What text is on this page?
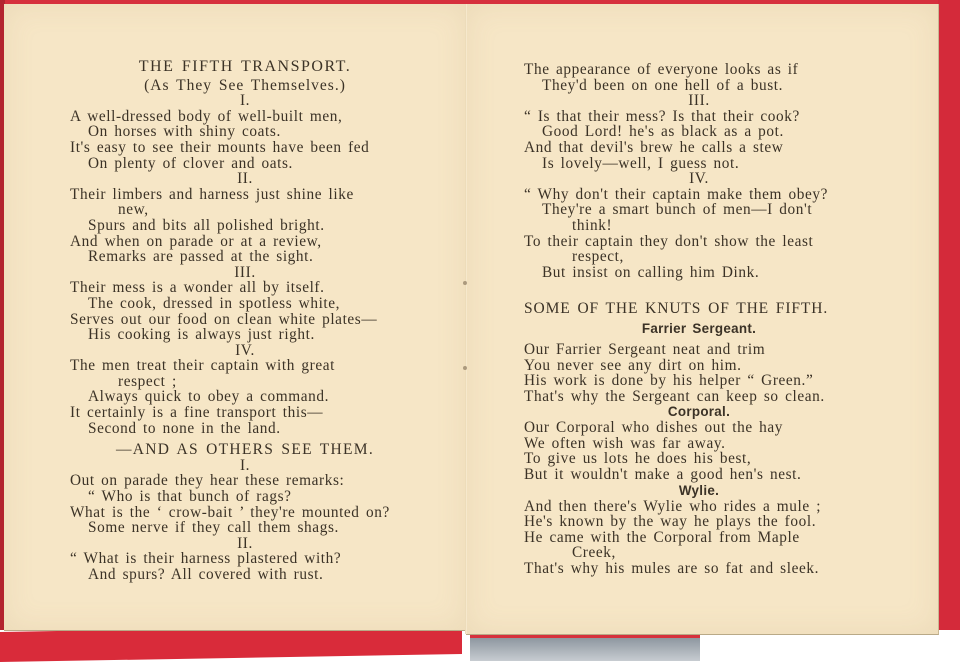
THE FIFTH TRANSPORT.
(As They See Themselves.)
I.
A well-dressed body of well-built men,
On horses with shiny coats.
It's easy to see their mounts have been fed
On plenty of clover and oats.
II.
Their limbers and harness just shine like
new,
Spurs and bits all polished bright.
And when on parade or at a review,
Remarks are passed at the sight.
III.
Their mess is a wonder all by itself.
The cook, dressed in spotless white,
Serves out our food on clean white plates—
His cooking is always just right.
IV.
The men treat their captain with great
respect ;
Always quick to obey a command.
It certainly is a fine transport this—
Second to none in the land.
—AND AS OTHERS SEE THEM.
I.
Out on parade they hear these remarks:
“ Who is that bunch of rags?
What is the ‘ crow-bait ’ they're mounted on?
Some nerve if they call them shags.
II.
“ What is their harness plastered with?
And spurs? All covered with rust.
The appearance of everyone looks as if
They'd been on one hell of a bust.
III.
“ Is that their mess? Is that their cook?
Good Lord! he's as black as a pot.
And that devil's brew he calls a stew
Is lovely—well, I guess not.
IV.
“ Why don't their captain make them obey?
They're a smart bunch of men—I don't
think!
To their captain they don't show the least
respect,
But insist on calling him Dink.
SOME OF THE KNUTS OF THE FIFTH.
Farrier Sergeant.
Our Farrier Sergeant neat and trim
You never see any dirt on him.
His work is done by his helper “ Green.”
That's why the Sergeant can keep so clean.
Corporal.
Our Corporal who dishes out the hay
We often wish was far away.
To give us lots he does his best,
But it wouldn't make a good hen's nest.
Wylie.
And then there's Wylie who rides a mule ;
He's known by the way he plays the fool.
He came with the Corporal from Maple
Creek,
That's why his mules are so fat and sleek.
